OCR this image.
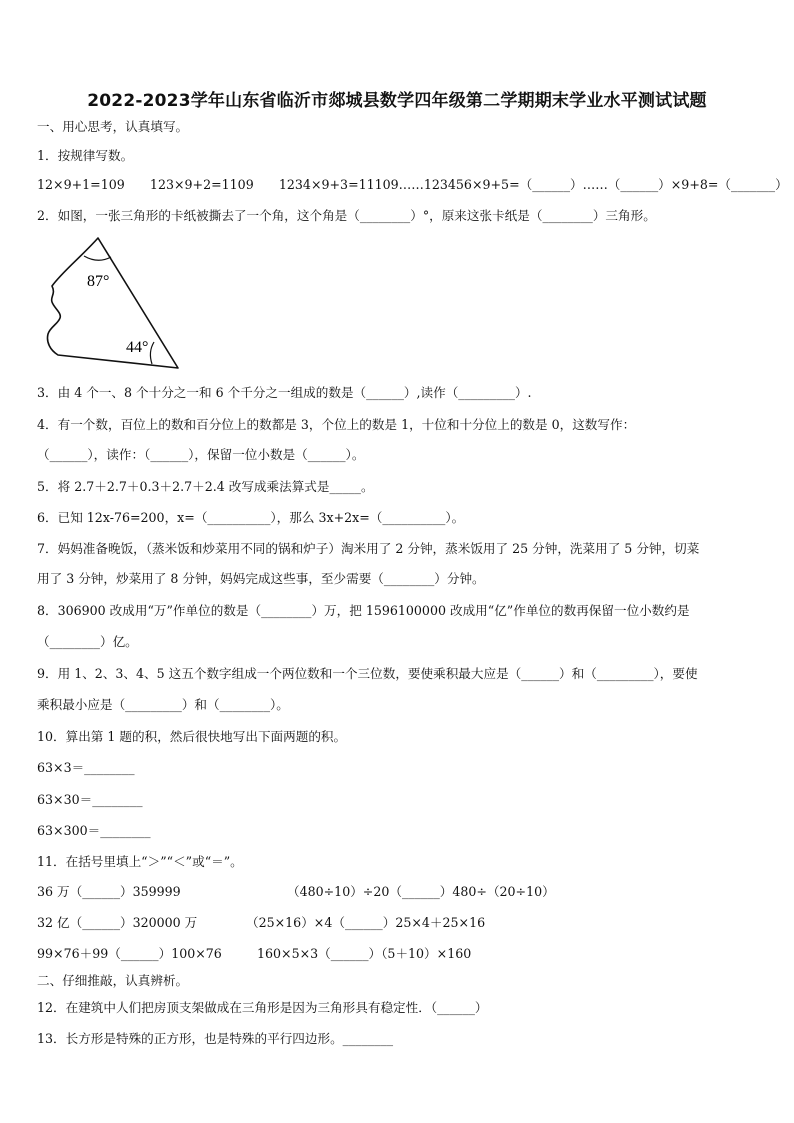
2022-2023学年山东省临沂市郯城县数学四年级第二学期期末学业水平测试试题
一、用心思考，认真填写。
1．按规律写数。
12×9+1=109　　123×9+2=1109　　1234×9+3=11109……123456×9+5=（______）……（______）×9+8=（_______）
2．如图，一张三角形的卡纸被撕去了一个角，这个角是（________）°，原来这张卡纸是（________）三角形。
87°
44°
3．由 4 个一、8 个十分之一和 6 个千分之一组成的数是（______）,读作（_________）.
4．有一个数，百位上的数和百分位上的数都是 3，个位上的数是 1，十位和十分位上的数是 0，这数写作：
（______），读作：（______），保留一位小数是（______）。
5．将 2.7＋2.7＋0.3＋2.7＋2.4 改写成乘法算式是_____。
6．已知 12x-76=200，x=（__________），那么 3x+2x=（__________）。
7．妈妈准备晚饭，（蒸米饭和炒菜用不同的锅和炉子）淘米用了 2 分钟，蒸米饭用了 25 分钟，洗菜用了 5 分钟，切菜
用了 3 分钟，炒菜用了 8 分钟，妈妈完成这些事，至少需要（________）分钟。
8．306900 改成用“万”作单位的数是（________）万，把 1596100000 改成用“亿”作单位的数再保留一位小数约是
（________）亿。
9．用 1、2、3、4、5 这五个数字组成一个两位数和一个三位数，要使乘积最大应是（______）和（_________），要使
乘积最小应是（_________）和（________）。
10．算出第 1 题的积，然后很快地写出下面两题的积。
63×3＝________
63×30＝________
63×300＝________
11．在括号里填上“＞”“＜”或“＝”。
36 万（______）359999	（480÷10）÷20（______）480÷（20÷10）
32 亿（______）320000 万	（25×16）×4（______）25×4＋25×16
99×76＋99（______）100×76	160×5×3（______）（5＋10）×160
二、仔细推敲，认真辨析。
12．在建筑中人们把房顶支架做成在三角形是因为三角形具有稳定性．（______）
13．长方形是特殊的正方形，也是特殊的平行四边形。________
